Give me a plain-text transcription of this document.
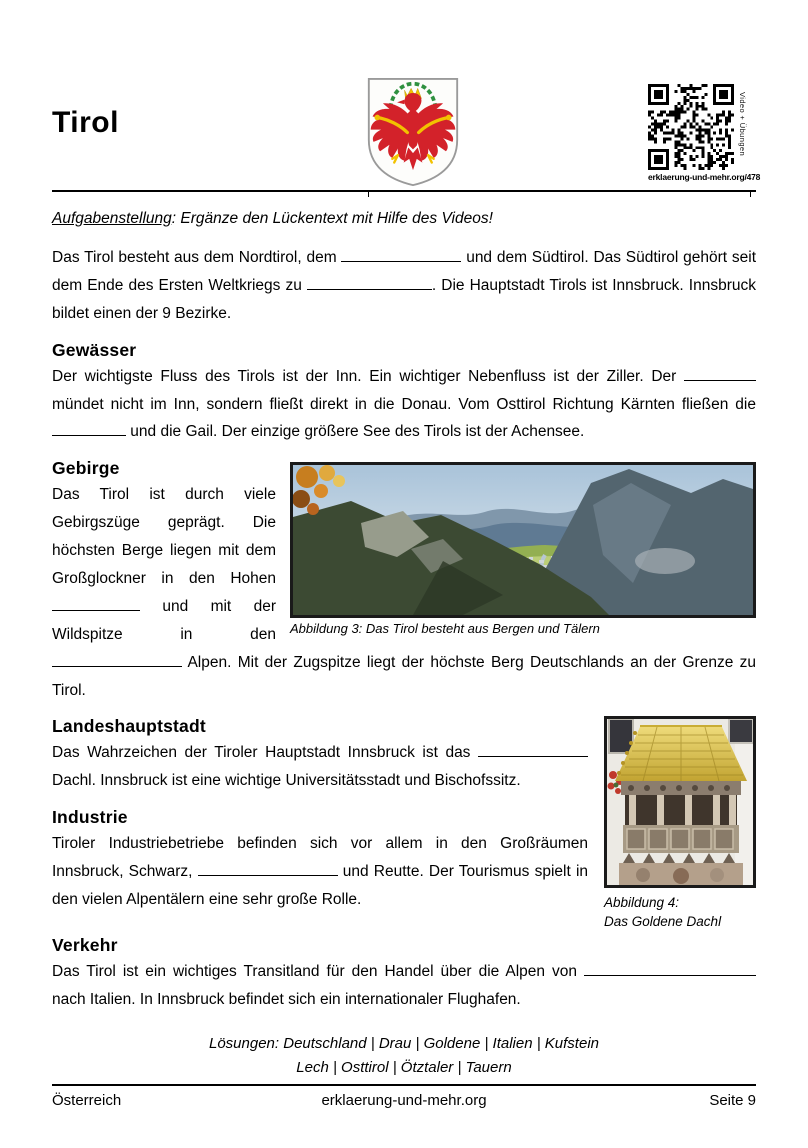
Tirol	Video + Übungen
erklaerung-und-mehr.org/478

Aufgabenstellung: Ergänze den Lückentext mit Hilfe des Videos!

Das Tirol besteht aus dem Nordtirol, dem	und dem Südtirol. Das Südtirol gehört seit dem Ende des Ersten Weltkriegs zu	. Die Hauptstadt Tirols ist Innsbruck. Innsbruck bildet einen der 9 Bezirke.

Gewässer

Der wichtigste Fluss des Tirols ist der Inn. Ein wichtiger Nebenfluss ist der Ziller. Der  mündet nicht im Inn, sondern fließt direkt in die Donau. Vom Osttirol Richtung Kärnten fließen die  und die Gail. Der einzige größere See des Tirols ist der Achensee.

Abbildung 3: Das Tirol besteht aus Bergen und Tälern
Gebirge

Das Tirol ist durch viele Gebirgszüge geprägt. Die höchsten Berge liegen mit dem Großglockner in den Hohen  und mit der Wildspitze in den  Alpen. Mit der Zugspitze liegt der höchste Berg Deutschlands an der Grenze zu Tirol.

Abbildung 4:
Das Goldene Dachl
Landeshauptstadt

Das Wahrzeichen der Tiroler Hauptstadt Innsbruck ist das  Dachl. Innsbruck ist eine wichtige Universitätsstadt und Bischofssitz.

Industrie

Tiroler Industriebetriebe befinden sich vor allem in den Großräumen Innsbruck, Schwarz,	und Reutte. Der Tourismus spielt in den vielen Alpentälern eine sehr große Rolle.

Verkehr

Das Tirol ist ein wichtiges Transitland für den Handel über die Alpen von  nach Italien. In Innsbruck befindet sich ein internationaler Flughafen.

Lösungen: Deutschland | Drau | Goldene | Italien | Kufstein
Lech | Osttirol | Ötztaler | Tauern

Österreich	erklaerung-und-mehr.org	Seite 9
